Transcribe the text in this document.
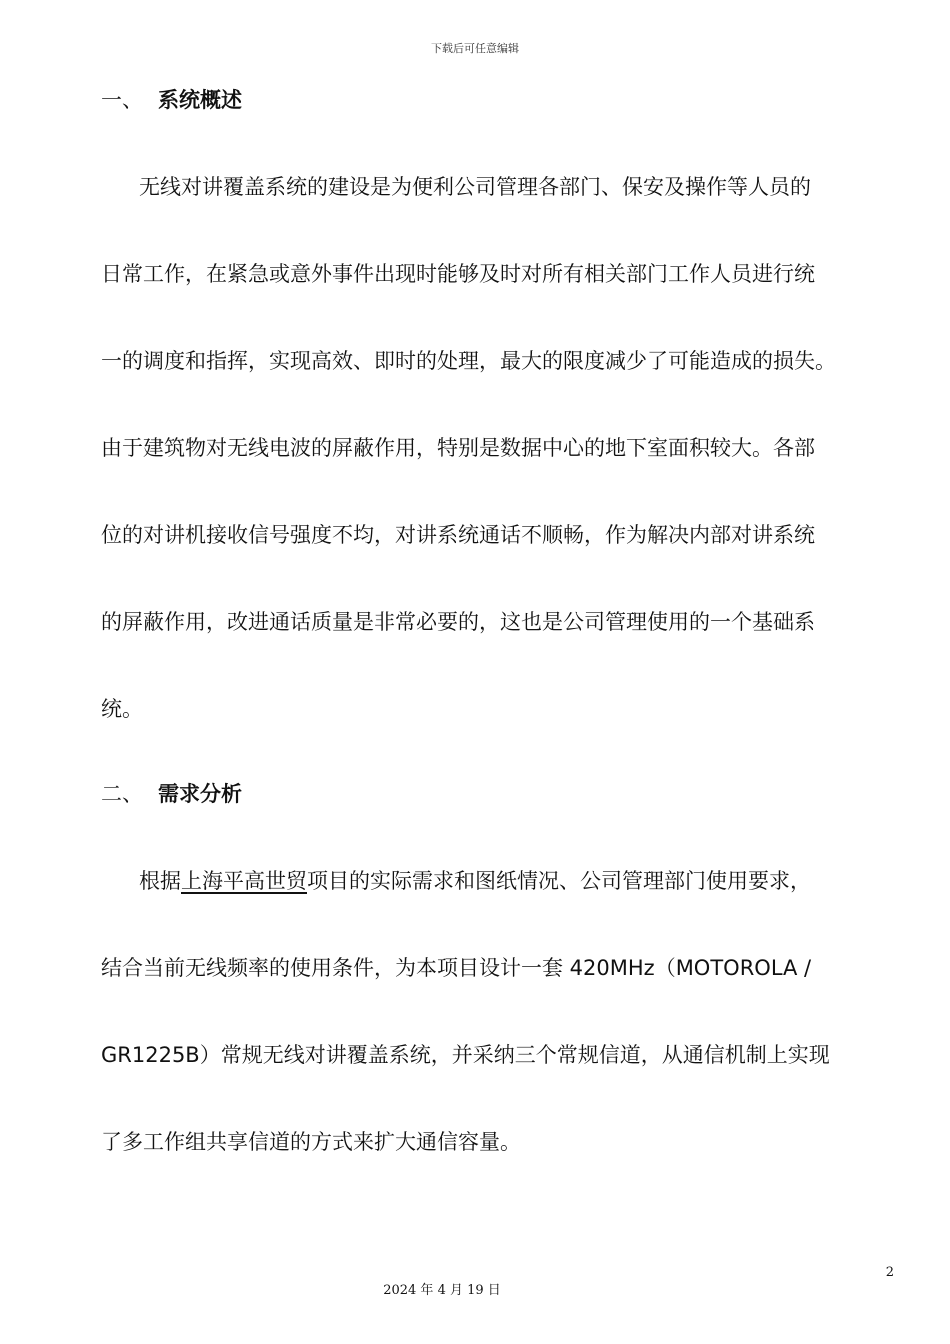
下载后可任意编辑
一、 系统概述
无线对讲覆盖系统的建设是为便利公司管理各部门、保安及操作等人员的
日常工作，在紧急或意外事件出现时能够及时对所有相关部门工作人员进行统
一的调度和指挥，实现高效、即时的处理，最大的限度减少了可能造成的损失。
由于建筑物对无线电波的屏蔽作用，特别是数据中心的地下室面积较大。各部
位的对讲机接收信号强度不均，对讲系统通话不顺畅，作为解决内部对讲系统
的屏蔽作用，改进通话质量是非常必要的，这也是公司管理使用的一个基础系
统。
二、 需求分析
根据上海平高世贸项目的实际需求和图纸情况、公司管理部门使用要求，
结合当前无线频率的使用条件，为本项目设计一套 420MHz（MOTOROLA /
GR1225B）常规无线对讲覆盖系统，并采纳三个常规信道，从通信机制上实现
了多工作组共享信道的方式来扩大通信容量。
2
2024 年 4 月 19 日
